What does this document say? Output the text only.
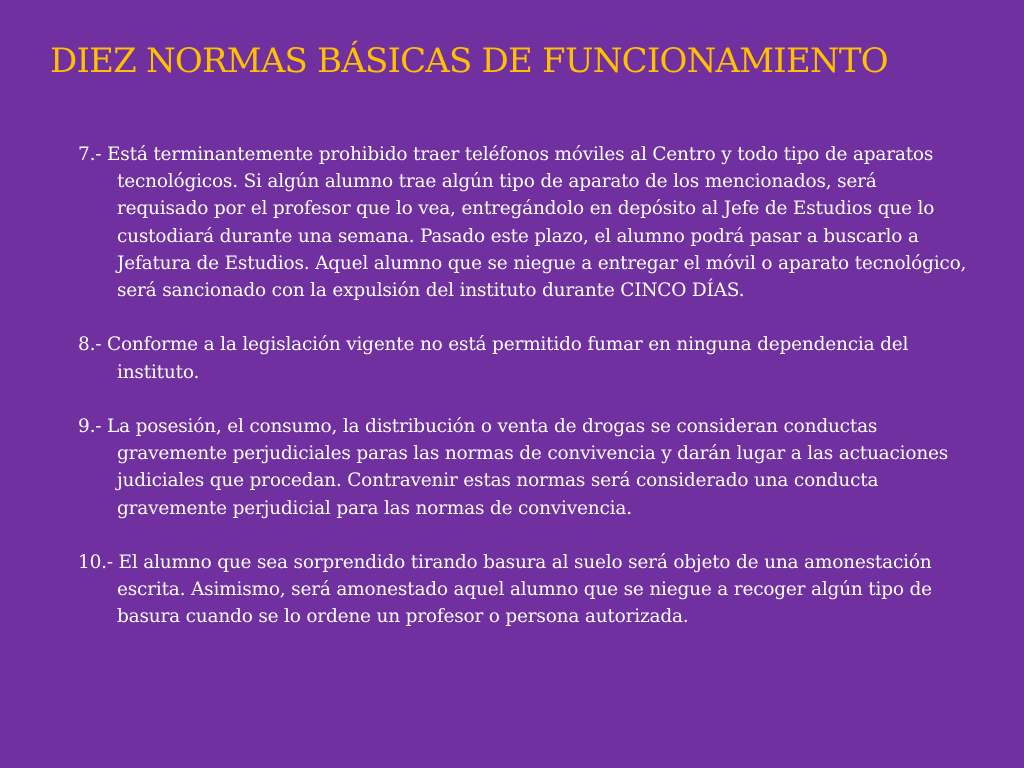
DIEZ NORMAS BÁSICAS DE FUNCIONAMIENTO

7.- Está terminantemente prohibido traer teléfonos móviles al Centro y todo tipo de aparatos tecnológicos. Si algún alumno trae algún tipo de aparato de los mencionados, será requisado por el profesor que lo vea, entregándolo en depósito al Jefe de Estudios que lo custodiará durante una semana. Pasado este plazo, el alumno podrá pasar a buscarlo a Jefatura de Estudios. Aquel alumno que se niegue a entregar el móvil o aparato tecnológico, será sancionado con la expulsión del instituto durante CINCO DÍAS.

8.- Conforme a la legislación vigente no está permitido fumar en ninguna dependencia del instituto.

9.- La posesión, el consumo, la distribución o venta de drogas se consideran conductas gravemente perjudiciales paras las normas de convivencia y darán lugar a las actuaciones judiciales que procedan. Contravenir estas normas será considerado una conducta gravemente perjudicial para las normas de convivencia.

10.- El alumno que sea sorprendido tirando basura al suelo será objeto de una amonestación escrita. Asimismo, será amonestado aquel alumno que se niegue a recoger algún tipo de basura cuando se lo ordene un profesor o persona autorizada.
